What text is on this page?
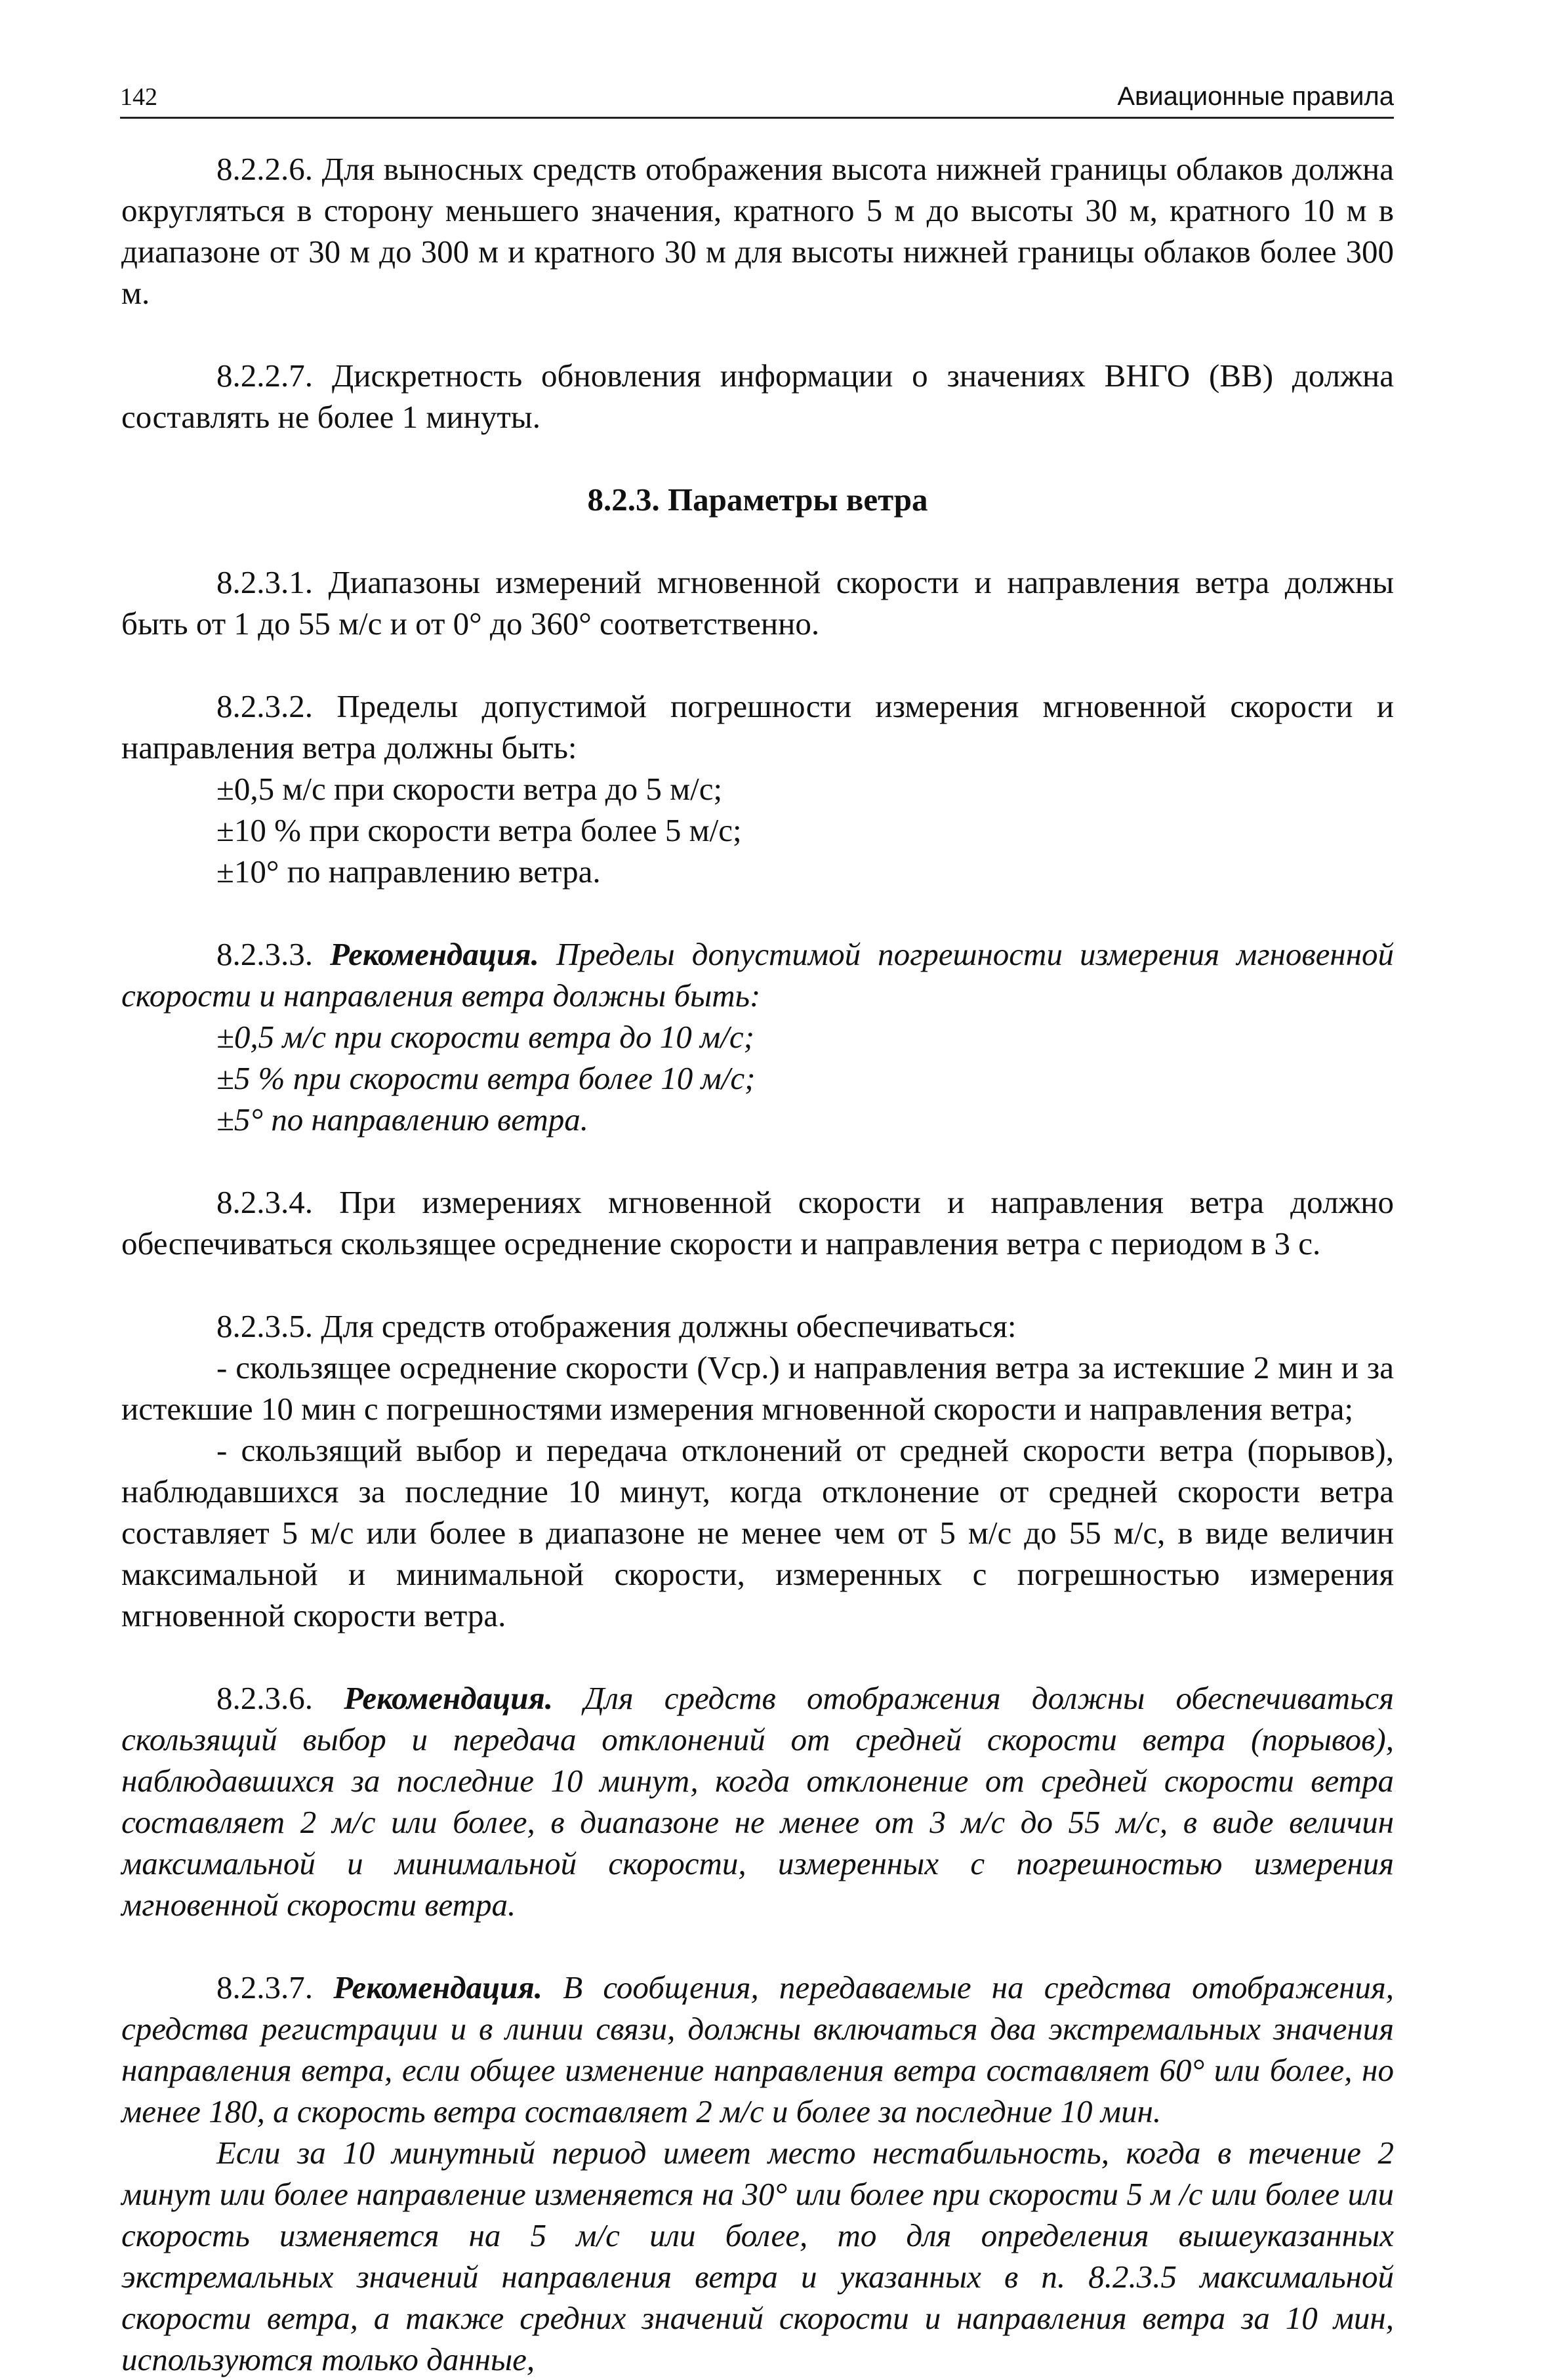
142	Авиационные правила

8.2.2.6. Для выносных средств отображения высота нижней границы облаков должна округляться в сторону меньшего значения, кратного 5 м до высоты 30 м, кратного 10 м в диапазоне от 30 м до 300 м и кратного 30 м для высоты нижней границы облаков более 300 м.

8.2.2.7. Дискретность обновления информации о значениях ВНГО (ВВ) должна составлять не более 1 минуты.

8.2.3. Параметры ветра

8.2.3.1. Диапазоны измерений мгновенной скорости и направления ветра должны быть от 1 до 55 м/с и от 0° до 360° соответственно.

8.2.3.2. Пределы допустимой погрешности измерения мгновенной скорости и направления ветра должны быть:

±0,5 м/с при скорости ветра до 5 м/с;

±10 % при скорости ветра более 5 м/с;

±10° по направлению ветра.

8.2.3.3. Рекомендация. Пределы допустимой погрешности измерения мгновенной скорости и направления ветра должны быть:

±0,5 м/с при скорости ветра до 10 м/с;

±5 % при скорости ветра более 10 м/с;

±5° по направлению ветра.

8.2.3.4. При измерениях мгновенной скорости и направления ветра должно обеспечиваться скользящее осреднение скорости и направления ветра с периодом в 3 с.

8.2.3.5. Для средств отображения должны обеспечиваться:

- скользящее осреднение скорости (Vср.) и направления ветра за истекшие 2 мин и за истекшие 10 мин с погрешностями измерения мгновенной скорости и направления ветра;

- скользящий выбор и передача отклонений от средней скорости ветра (порывов), наблюдавшихся за последние 10 минут, когда отклонение от средней скорости ветра составляет 5 м/с или более в диапазоне не менее чем от 5 м/с до 55 м/с, в виде величин максимальной и минимальной скорости, измеренных с погрешностью измерения мгновенной скорости ветра.

8.2.3.6. Рекомендация. Для средств отображения должны обеспечиваться скользящий выбор и передача отклонений от средней скорости ветра (порывов), наблюдавшихся за последние 10 минут, когда отклонение от средней скорости ветра составляет 2 м/с или более, в диапазоне не менее от 3 м/с до 55 м/с, в виде величин максимальной и минимальной скорости, измеренных с погрешностью измерения мгновенной скорости ветра.

8.2.3.7. Рекомендация. В сообщения, передаваемые на средства отображения, средства регистрации и в линии связи, должны включаться два экстремальных значения направления ветра, если общее изменение направления ветра составляет 60° или более, но менее 180, а скорость ветра составляет 2 м/с и более за последние 10 мин.

Если за 10 минутный период имеет место нестабильность, когда в течение 2 минут или более направление изменяется на 30° или более при скорости 5 м /с или более или скорость изменяется на 5 м/с или более, то для определения вышеуказанных экстремальных значений направления ветра и указанных в п. 8.2.3.5 максимальной скорости ветра, а также средних значений скорости и направления ветра за 10 мин, используются только данные,
